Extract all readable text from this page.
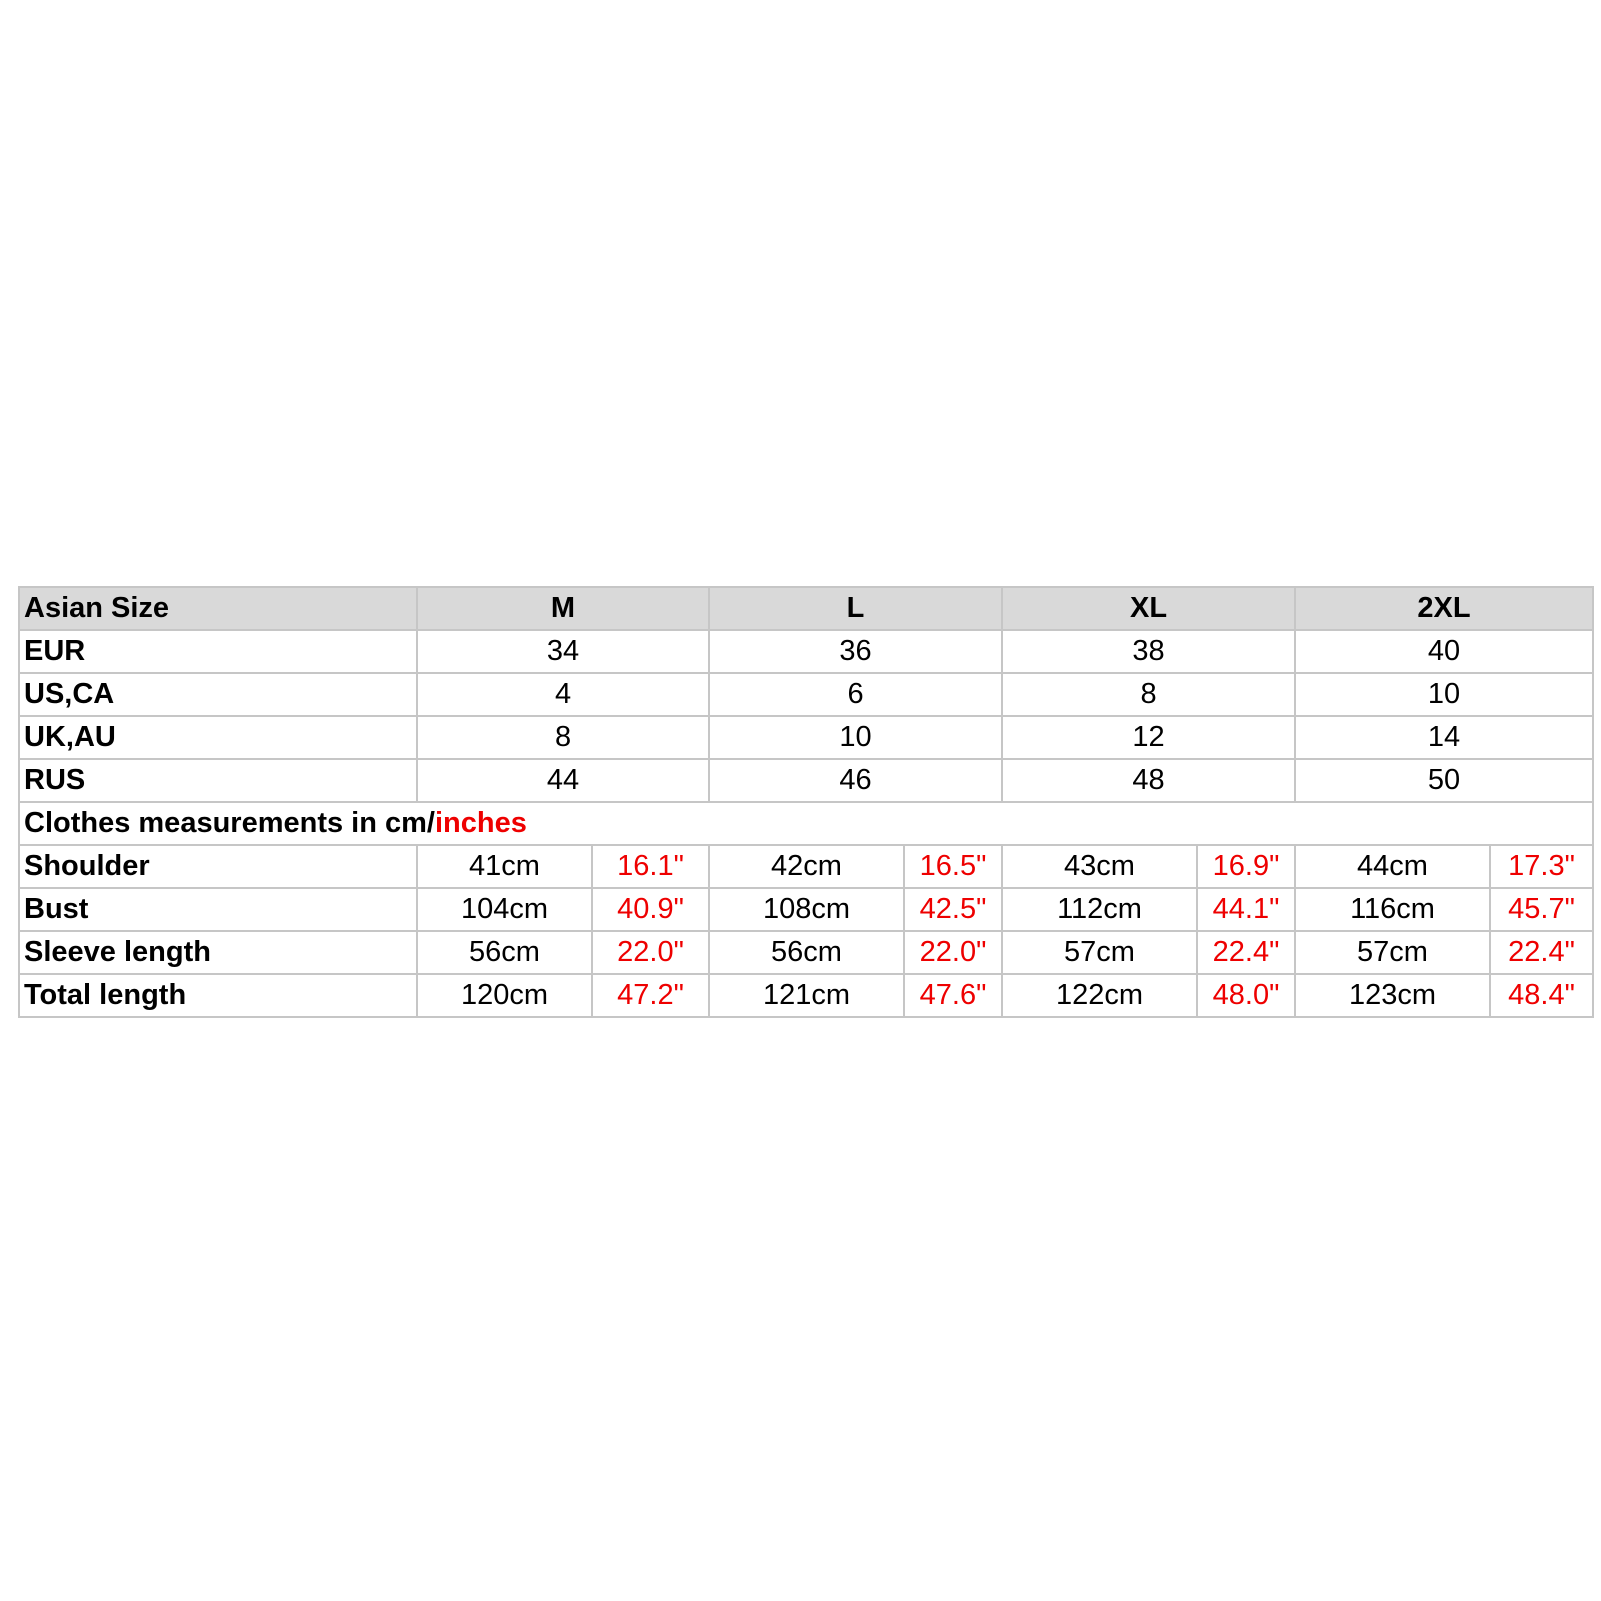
Asian Size	M		L		XL		2XL	
EUR	34		36		38		40	
US,CA	4		6		8		10	
UK,AU	8		10		12		14	
RUS	44		46		48		50	
Clothes measurements in cm/inches								
Shoulder	41cm	16.1"	42cm	16.5"	43cm	16.9"	44cm	17.3"
Bust	104cm	40.9"	108cm	42.5"	112cm	44.1"	116cm	45.7"
Sleeve length	56cm	22.0"	56cm	22.0"	57cm	22.4"	57cm	22.4"
Total length	120cm	47.2"	121cm	47.6"	122cm	48.0"	123cm	48.4"
